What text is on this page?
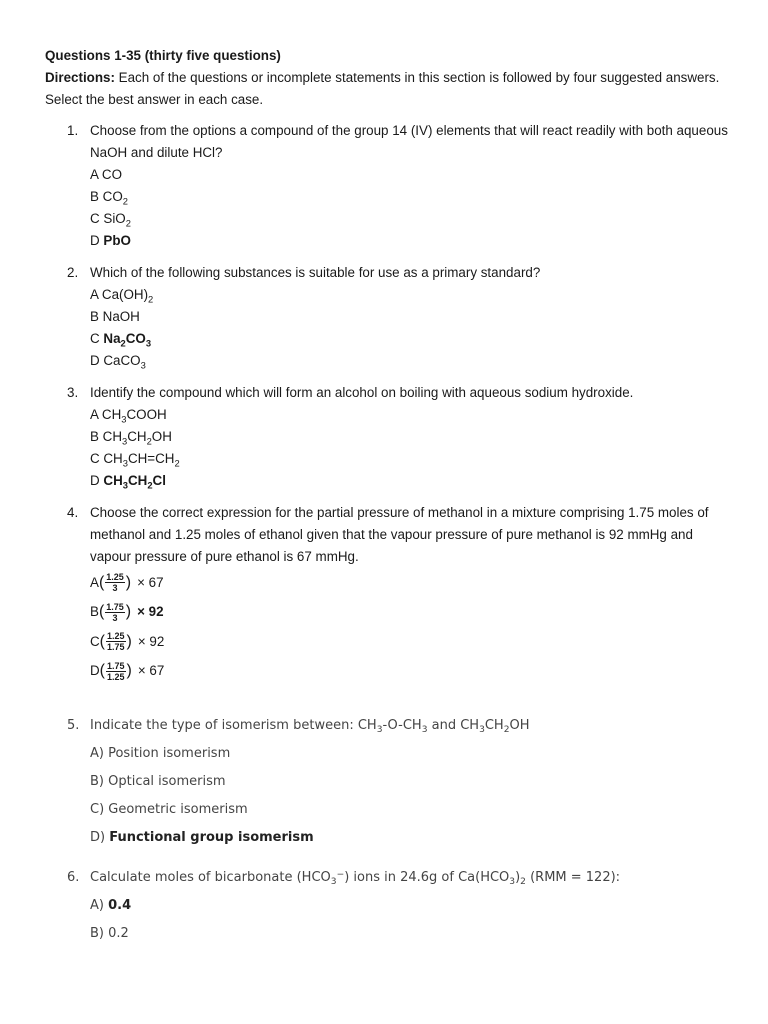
Questions 1-35 (thirty five questions)

Directions: Each of the questions or incomplete statements in this section is followed by four suggested answers. Select the best answer in each case.

1. Choose from the options a compound of the group 14 (IV) elements that will react readily with both aqueous NaOH and dilute HCl?
A CO
B $CO_2$
C SiO$_2$
D PbO
2. Which of the following substances is suitable for use as a primary standard?
A $Ca(OH)_2$
B NaOH
C $Na_2CO_3$
D CaCO$_3$
3. Identify the compound which will form an alcohol on boiling with aqueous sodium hydroxide.
A $CH_3COOH$
B $CH_3CH_2OH$
C $CH_3CH=CH_2$
D $CH_3CH_2Cl$
4. Choose the correct expression for the partial pressure of methanol in a mixture comprising 1.75 moles of methanol and 1.25 moles of ethanol given that the vapour pressure of pure methanol is 92 mmHg and vapour pressure of pure ethanol is 67 mmHg.
A ( $\frac{1.25}{3}$ ) × 67
B ( $\frac{1.75}{3}$ ) × 92
C ( $\frac{1.25}{1.75}$ ) × 92
D ( $\frac{1.75}{1.25}$ ) × 67
5. Indicate the type of isomerism between: $CH_3-O-CH_3$ and $CH_3CH_2OH$
A) Position isomerism
B) Optical isomerism
C) Geometric isomerism
D) Functional group isomerism
6. Calculate moles of bicarbonate $(HCO_3^-)$ ions in 24.6g of $Ca(HCO_3)_2$ (RMM = 122):
A) 0.4
B) 0.2
